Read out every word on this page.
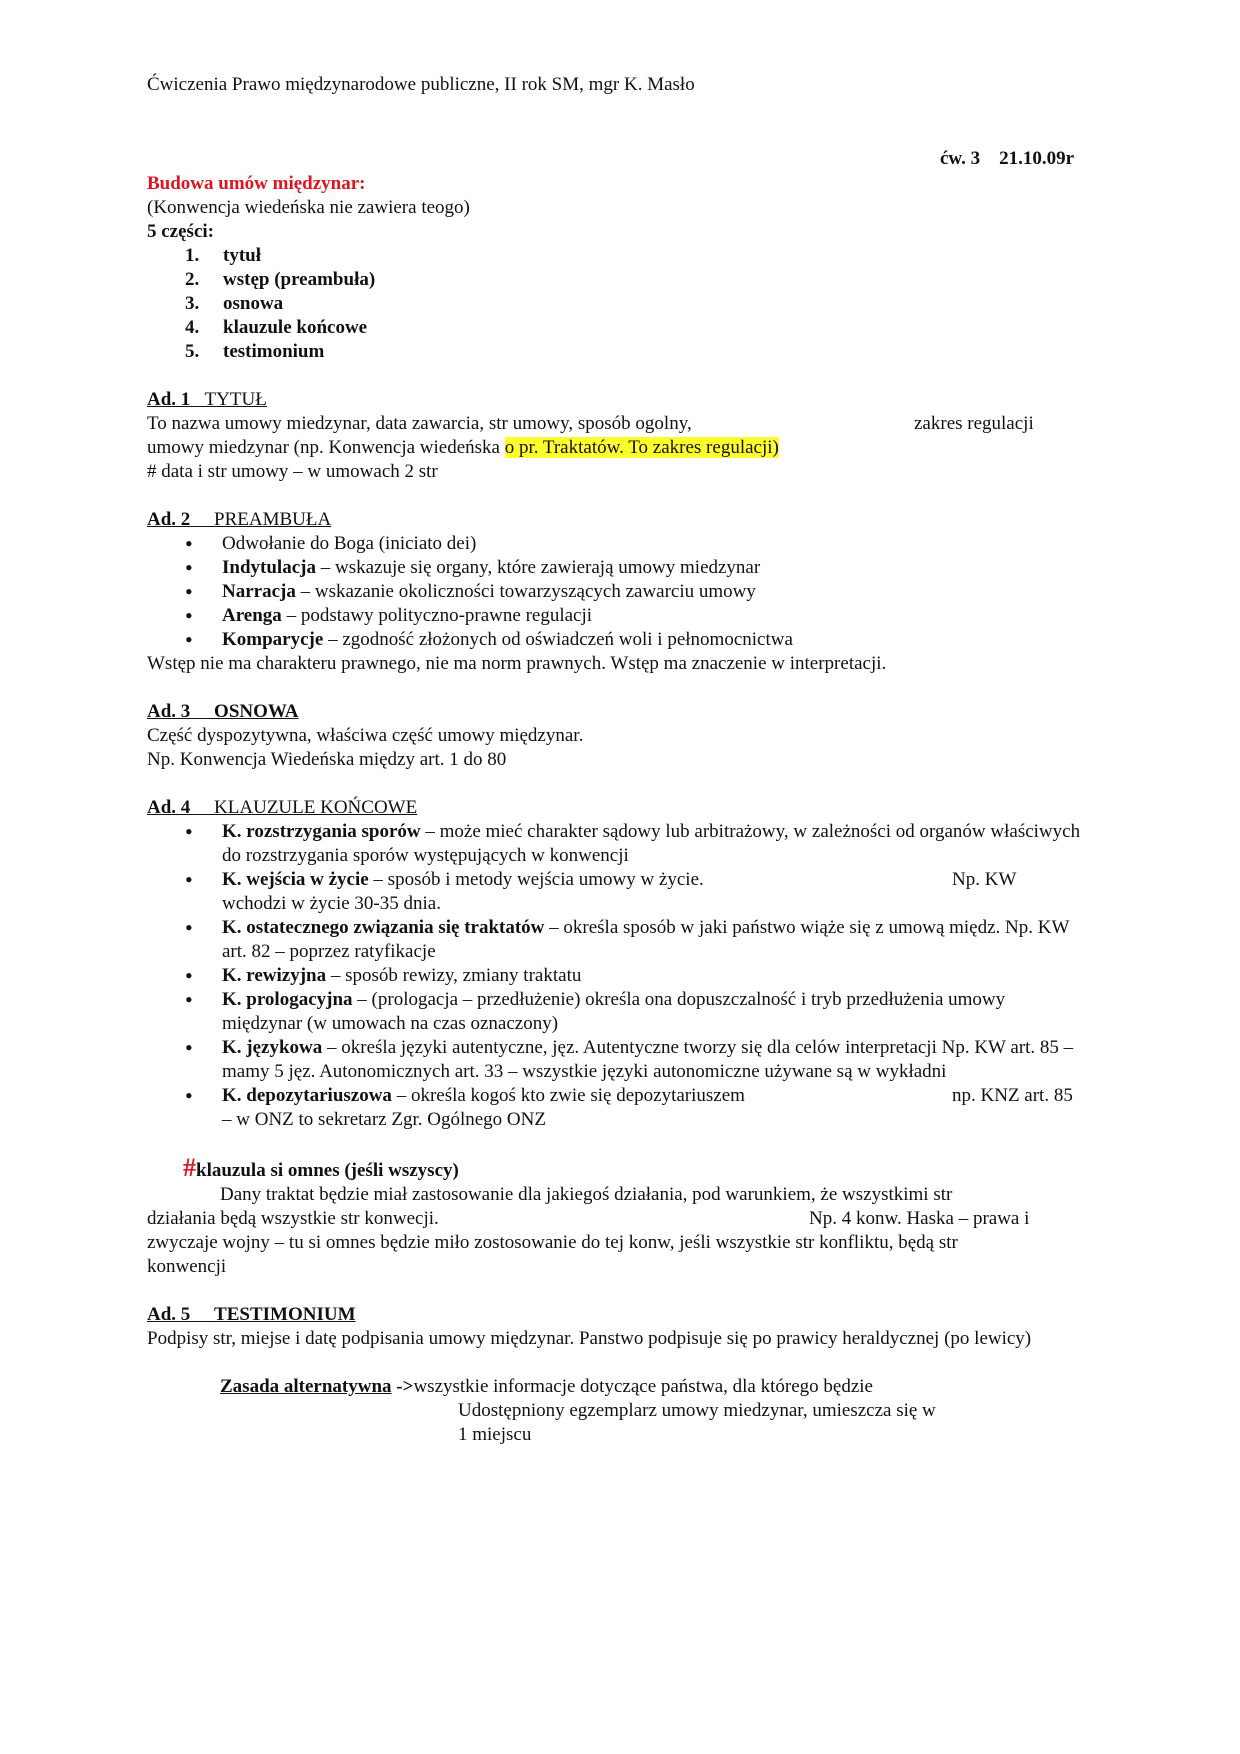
Ćwiczenia Prawo międzynarodowe publiczne, II rok SM, mgr K. Masło
ćw. 3    21.10.09r
Budowa umów międzynar:
(Konwencja wiedeńska nie zawiera teogo)
5 części:
1. tytuł
2. wstęp (preambuła)
3. osnowa
4. klauzule końcowe
5. testimonium
Ad. 1 TYTUŁ
To nazwa umowy miedzynar, data zawarcia, str umowy, sposób ogolny,	zakres regulacji
umowy miedzynar (np. Konwencja wiedeńska o pr. Traktatów. To zakres regulacji)
# data i str umowy – w umowach 2 str
Ad. 2 PREAMBUŁA
• Odwołanie do Boga (iniciato dei)
• Indytulacja – wskazuje się organy, które zawierają umowy miedzynar
• Narracja – wskazanie okoliczności towarzyszących zawarciu umowy
• Arenga – podstawy polityczno-prawne regulacji
• Komparycje – zgodność złożonych od oświadczeń woli i pełnomocnictwa
Wstęp nie ma charakteru prawnego, nie ma norm prawnych. Wstęp ma znaczenie w interpretacji.
Ad. 3 OSNOWA
Część dyspozytywna, właściwa część umowy międzynar.
Np. Konwencja Wiedeńska między art. 1 do 80
Ad. 4 KLAUZULE KOŃCOWE
• K. rozstrzygania sporów – może mieć charakter sądowy lub arbitrażowy, w zależności od organów właściwych do rozstrzygania sporów występujących w konwencji
• K. wejścia w życie – sposób i metody wejścia umowy w życie.	Np. KW

wchodzi w życie 30-35 dnia.
• K. ostatecznego związania się traktatów – określa sposób w jaki państwo wiąże się z umową międz. Np. KW art. 82 – poprzez ratyfikacje
• K. rewizyjna – sposób rewizy, zmiany traktatu
• K. prologacyjna – (prologacja – przedłużenie) określa ona dopuszczalność i tryb przedłużenia umowy międzynar (w umowach na czas oznaczony)
• K. językowa – określa języki autentyczne, jęz. Autentyczne tworzy się dla celów interpretacji Np. KW art. 85 – mamy 5 jęz. Autonomicznych art. 33 – wszystkie języki autonomiczne używane są w wykładni
• K. depozytariuszowa – określa kogoś kto zwie się depozytariuszem	np. KNZ art. 85

– w ONZ to sekretarz Zgr. Ogólnego ONZ
#klauzula si omnes (jeśli wszyscy)
Dany traktat będzie miał zastosowanie dla jakiegoś działania, pod warunkiem, że wszystkimi str
działania będą wszystkie str konwecji.	Np. 4 konw. Haska – prawa i
zwyczaje wojny – tu si omnes będzie miło zostosowanie do tej konw, jeśli wszystkie str konfliktu, będą str
konwencji
Ad. 5 TESTIMONIUM
Podpisy str, miejse i datę podpisania umowy międzynar. Panstwo podpisuje się po prawicy heraldycznej (po lewicy)
Zasada alternatywna ->wszystkie informacje dotyczące państwa, dla którego będzie
Udostępniony egzemplarz umowy miedzynar, umieszcza się w
1 miejscu
